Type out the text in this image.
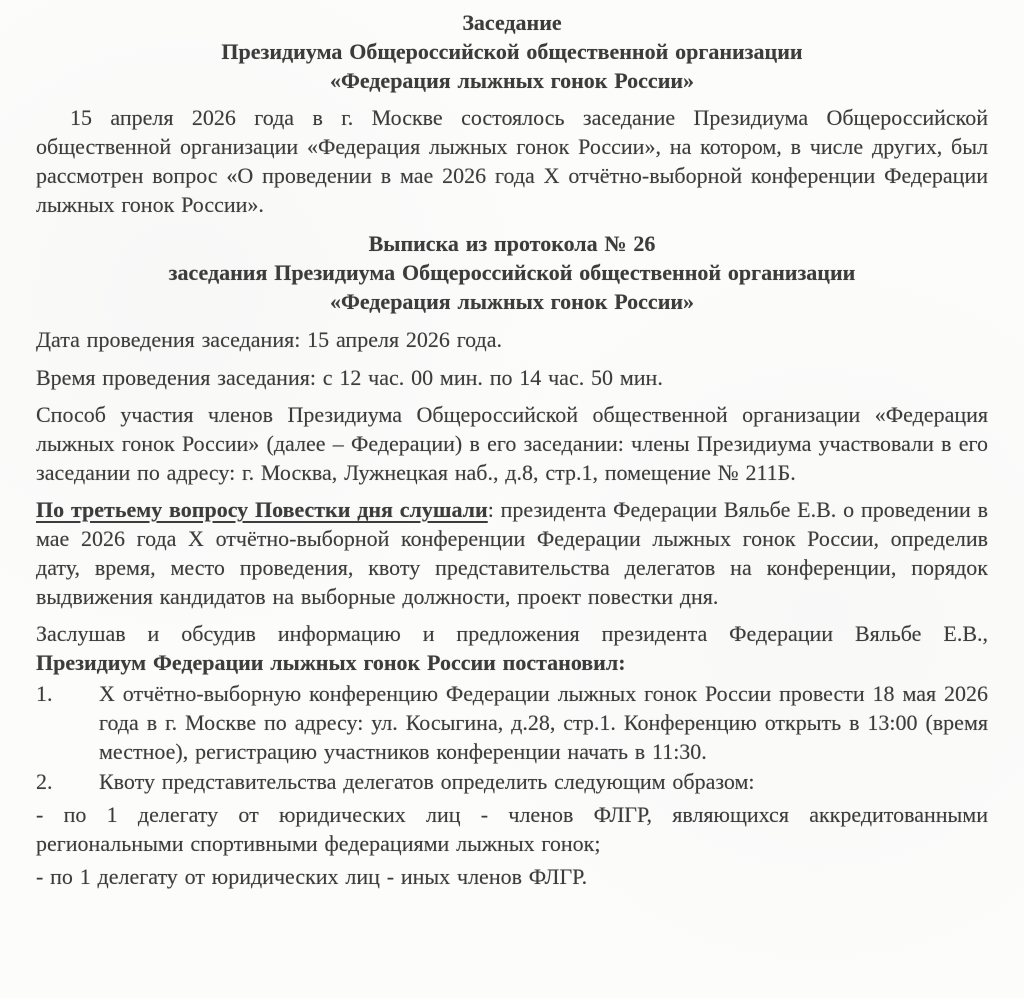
Заседание
Президиума Общероссийской общественной организации
«Федерация лыжных гонок России»

15 апреля 2026 года в г. Москве состоялось заседание Президиума Общероссийской общественной организации «Федерация лыжных гонок России», на котором, в числе других, был рассмотрен вопрос «О проведении в мае 2026 года Х отчётно-выборной конференции Федерации лыжных гонок России».

Выписка из протокола № 26
заседания Президиума Общероссийской общественной организации
«Федерация лыжных гонок России»

Дата проведения заседания: 15 апреля 2026 года.

Время проведения заседания: с 12 час. 00 мин. по 14 час. 50 мин.

Способ участия членов Президиума Общероссийской общественной организации «Федерация лыжных гонок России» (далее – Федерации) в его заседании: члены Президиума участвовали в его заседании по адресу: г. Москва, Лужнецкая наб., д.8, стр.1, помещение № 211Б.

По третьему вопросу Повестки дня слушали: президента Федерации Вяльбе Е.В. о проведении в мае 2026 года Х отчётно-выборной конференции Федерации лыжных гонок России, определив дату, время, место проведения, квоту представительства делегатов на конференции, порядок выдвижения кандидатов на выборные должности, проект повестки дня.

Заслушав и обсудив информацию и предложения президента Федерации Вяльбе Е.В.,
Президиум Федерации лыжных гонок России постановил:

1. Х отчётно-выборную конференцию Федерации лыжных гонок России провести 18 мая 2026 года в г. Москве по адресу: ул. Косыгина, д.28, стр.1. Конференцию открыть в 13:00 (время местное), регистрацию участников конференции начать в 11:30.
2. Квоту представительства делегатов определить следующим образом:

- по 1 делегату от юридических лиц - членов ФЛГР, являющихся аккредитованными региональными спортивными федерациями лыжных гонок;

- по 1 делегату от юридических лиц - иных членов ФЛГР.
